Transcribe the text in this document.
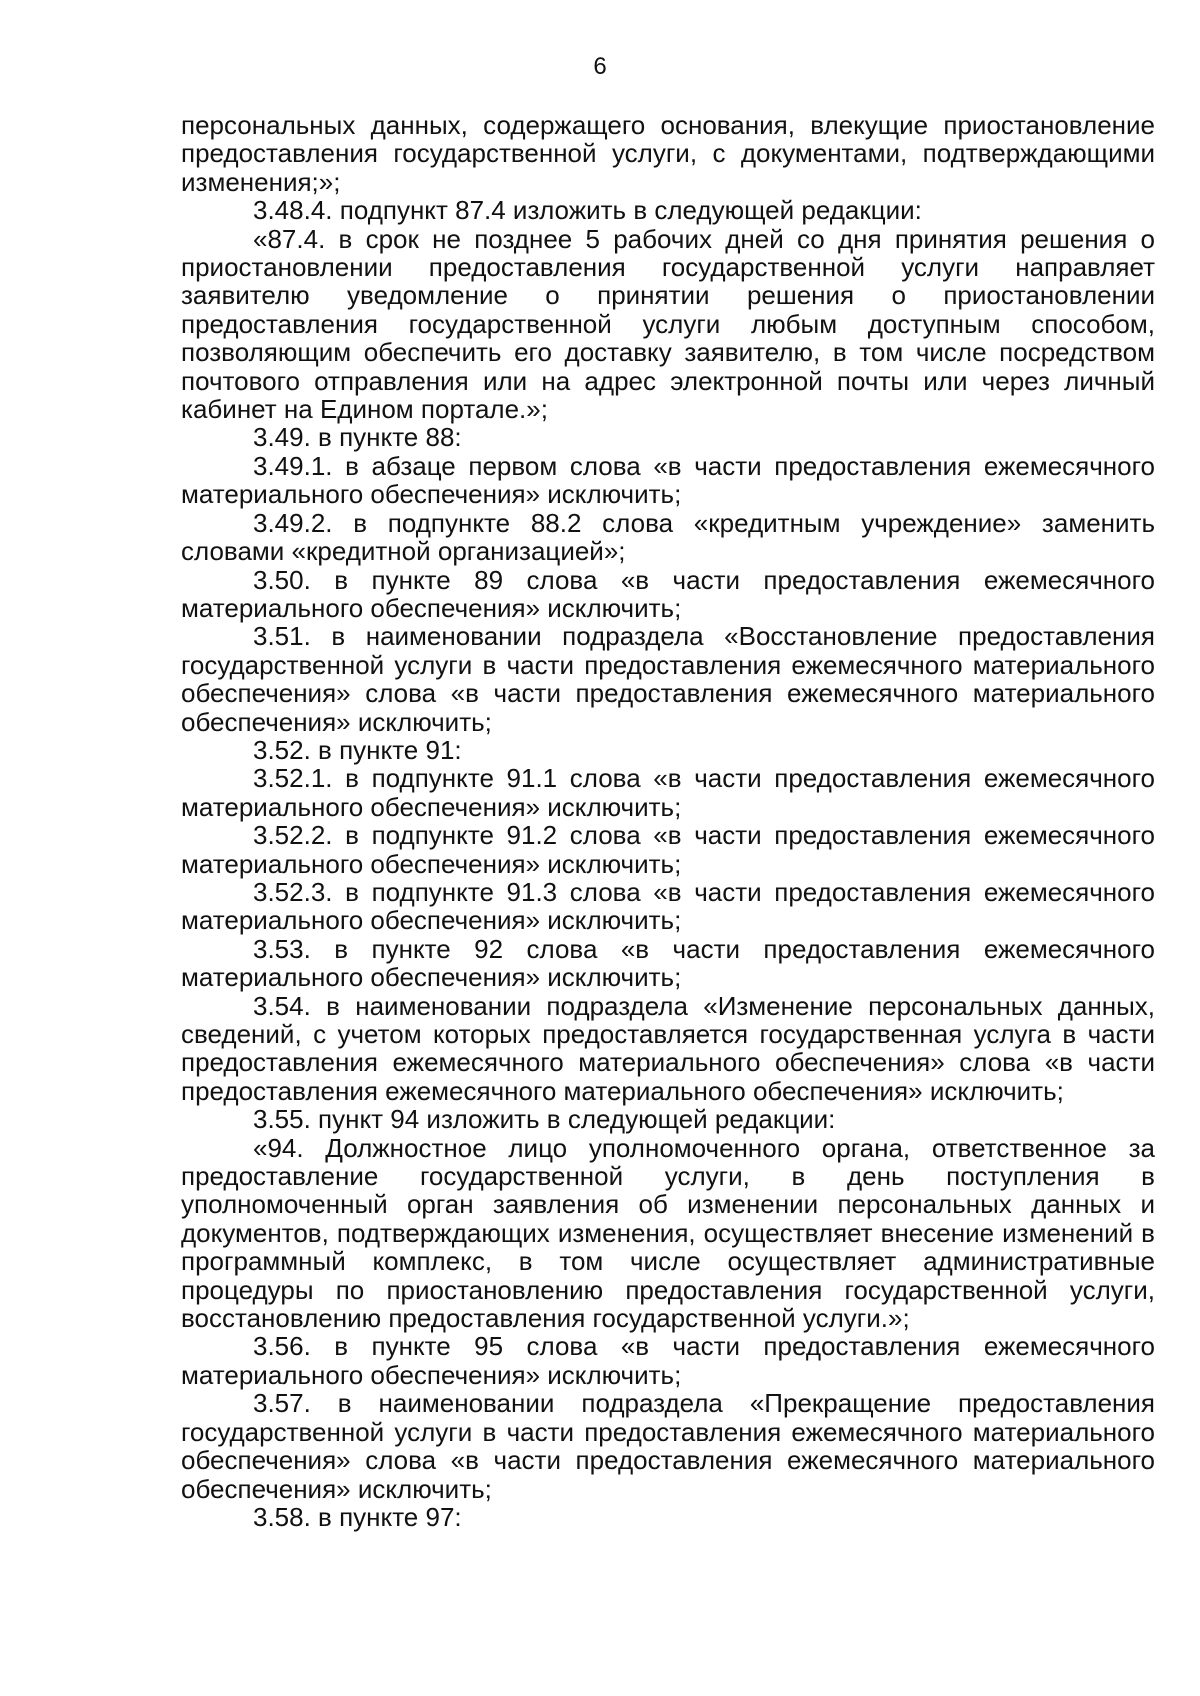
6

персональных данных, содержащего основания, влекущие приостановление предоставления государственной услуги, с документами, подтверждающими изменения;»;

3.48.4. подпункт 87.4 изложить в следующей редакции:

«87.4. в срок не позднее 5 рабочих дней со дня принятия решения о приостановлении предоставления государственной услуги направляет заявителю уведомление о принятии решения о приостановлении предоставления государственной услуги любым доступным способом, позволяющим обеспечить его доставку заявителю, в том числе посредством почтового отправления или на адрес электронной почты или через личный кабинет на Едином портале.»;

3.49. в пункте 88:

3.49.1. в абзаце первом слова «в части предоставления ежемесячного материального обеспечения» исключить;

3.49.2. в подпункте 88.2 слова «кредитным учреждение» заменить словами «кредитной организацией»;

3.50. в пункте 89 слова «в части предоставления ежемесячного материального обеспечения» исключить;

3.51. в наименовании подраздела «Восстановление предоставления государственной услуги в части предоставления ежемесячного материального обеспечения» слова «в части предоставления ежемесячного материального обеспечения» исключить;

3.52. в пункте 91:

3.52.1. в подпункте 91.1 слова «в части предоставления ежемесячного материального обеспечения» исключить;

3.52.2. в подпункте 91.2 слова «в части предоставления ежемесячного материального обеспечения» исключить;

3.52.3. в подпункте 91.3 слова «в части предоставления ежемесячного материального обеспечения» исключить;

3.53. в пункте 92 слова «в части предоставления ежемесячного материального обеспечения» исключить;

3.54. в наименовании подраздела «Изменение персональных данных, сведений, с учетом которых предоставляется государственная услуга в части предоставления ежемесячного материального обеспечения» слова «в части предоставления ежемесячного материального обеспечения» исключить;

3.55. пункт 94 изложить в следующей редакции:

«94. Должностное лицо уполномоченного органа, ответственное за предоставление государственной услуги, в день поступления в уполномоченный орган заявления об изменении персональных данных и документов, подтверждающих изменения, осуществляет внесение изменений в программный комплекс, в том числе осуществляет административные процедуры по приостановлению предоставления государственной услуги, восстановлению предоставления государственной услуги.»;

3.56. в пункте 95 слова «в части предоставления ежемесячного материального обеспечения» исключить;

3.57. в наименовании подраздела «Прекращение предоставления государственной услуги в части предоставления ежемесячного материального обеспечения» слова «в части предоставления ежемесячного материального обеспечения» исключить;

3.58. в пункте 97:
